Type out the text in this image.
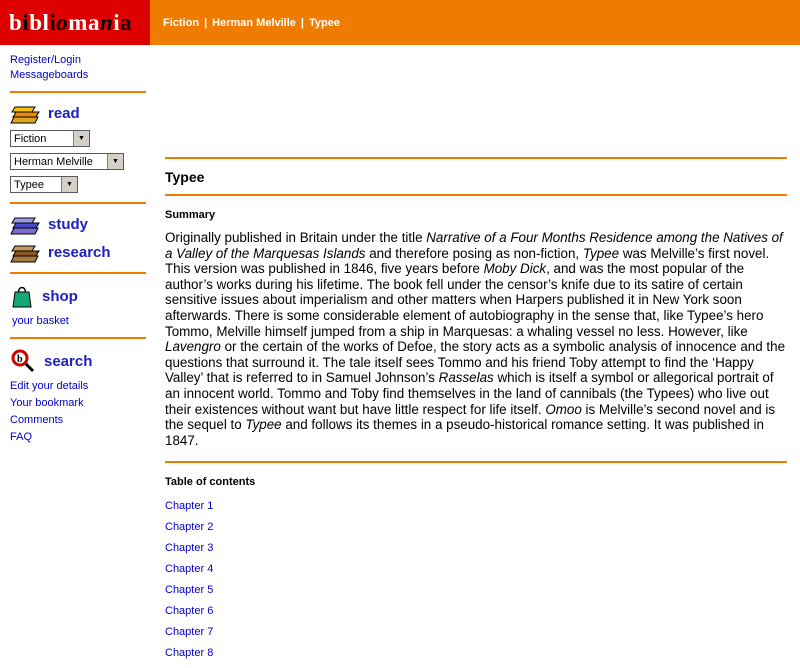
b i b l i o m a n i a	Fiction | Herman Melville | Typee
Register/Login
Messageboards
read
Fiction	▼
Herman Melville	▼
Typee	▼
study
research
shop
your basket
b search
Edit your details
Your bookmark
Comments
FAQ
Typee
Summary

Originally published in Britain under the title Narrative of a Four Months Residence among the Natives of a Valley of the Marquesas Islands and therefore posing as non-fiction, Typee was Melville’s first novel. This version was published in 1846, five years before Moby Dick, and was the most popular of the author’s works during his lifetime. The book fell under the censor’s knife due to its satire of certain sensitive issues about imperialism and other matters when Harpers published it in New York soon afterwards. There is some considerable element of autobiography in the sense that, like Typee’s hero Tommo, Melville himself jumped from a ship in Marquesas: a whaling vessel no less. However, like Lavengro or the certain of the works of Defoe, the story acts as a symbolic analysis of innocence and the questions that surround it. The tale itself sees Tommo and his friend Toby attempt to find the ‘Happy Valley’ that is referred to in Samuel Johnson’s Rasselas which is itself a symbol or allegorical portrait of an innocent world. Tommo and Toby find themselves in the land of cannibals (the Typees) who live out their existences without want but have little respect for life itself. Omoo is Melville’s second novel and is the sequel to Typee and follows its themes in a pseudo-historical romance setting. It was published in 1847.

Table of contents
Chapter 1
Chapter 2
Chapter 3
Chapter 4
Chapter 5
Chapter 6
Chapter 7
Chapter 8
